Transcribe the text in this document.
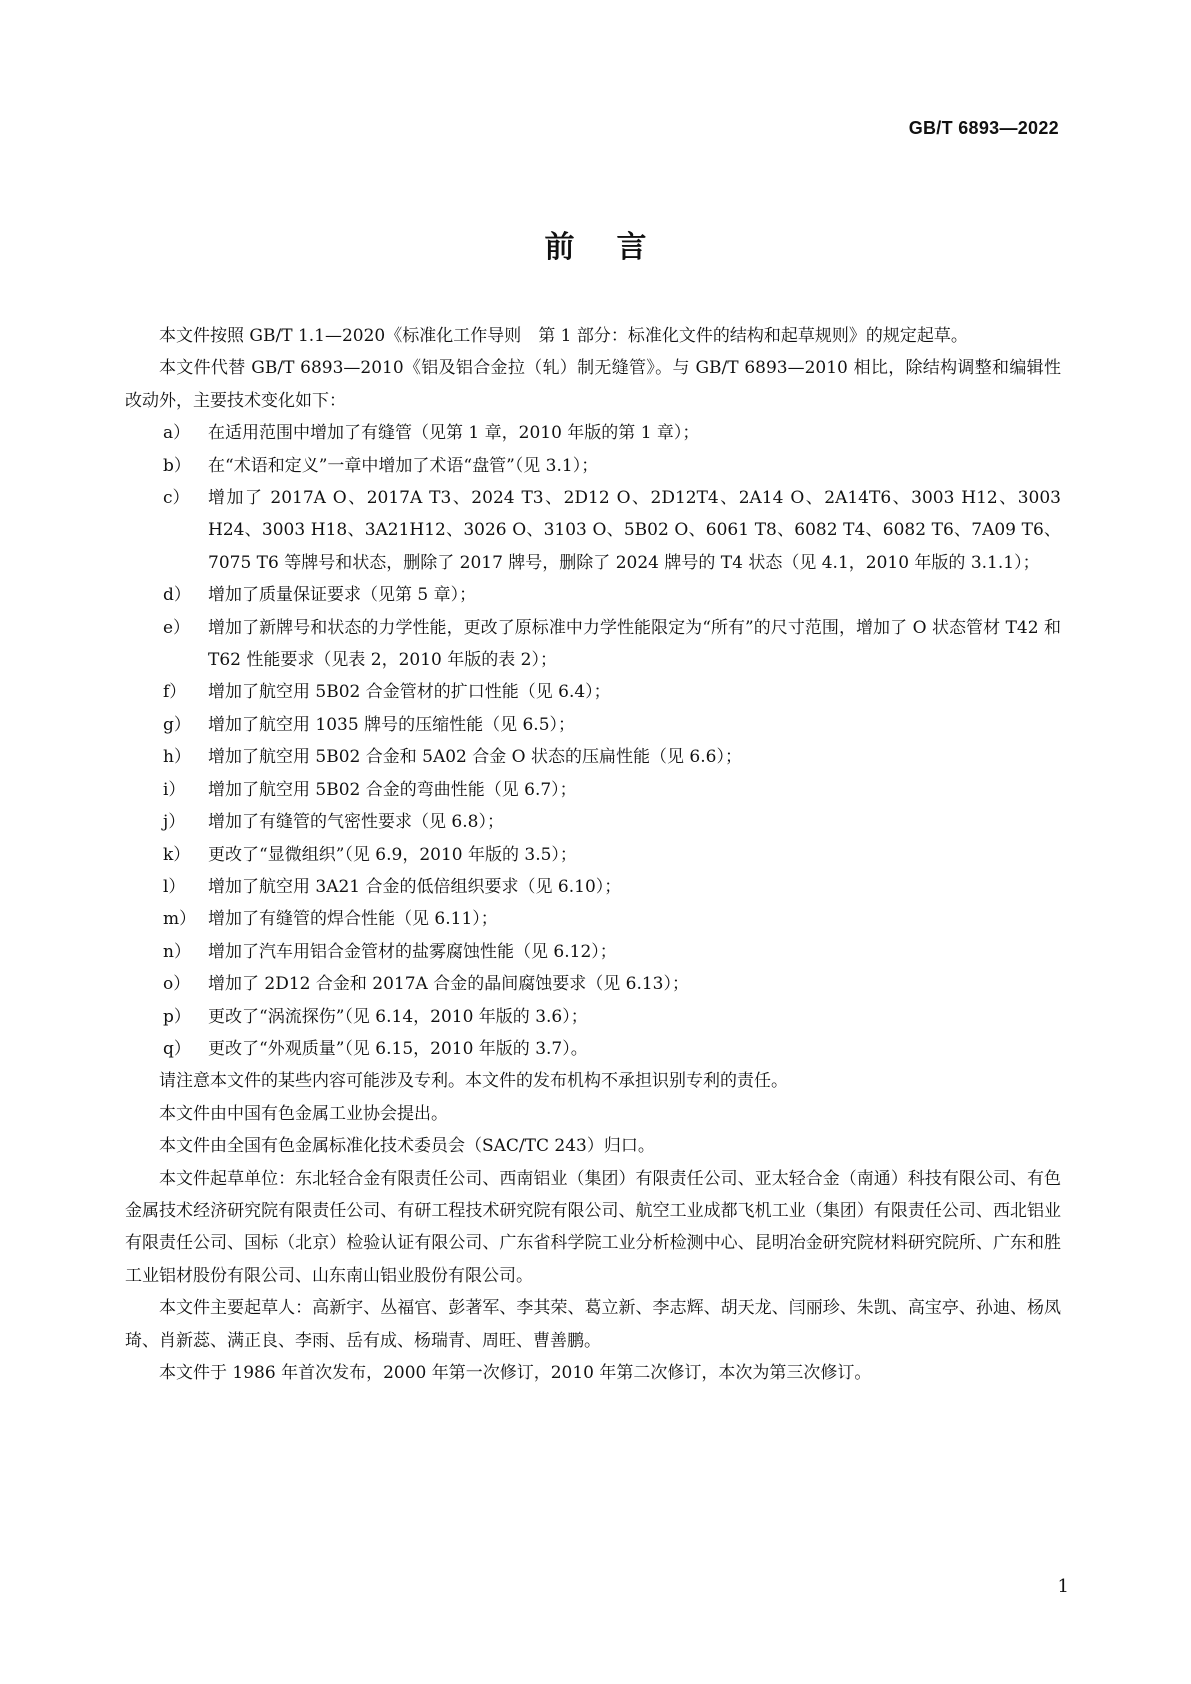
GB/T 6893—2022
前言

本文件按照 GB/T 1.1—2020《标准化工作导则　第 1 部分：标准化文件的结构和起草规则》的规定起草。

本文件代替 GB/T 6893—2010《铝及铝合金拉（轧）制无缝管》。与 GB/T 6893—2010 相比，除结构调整和编辑性改动外，主要技术变化如下：

a）	在适用范围中增加了有缝管（见第 1 章，2010 年版的第 1 章）；
b）	在“术语和定义”一章中增加了术语“盘管”（见 3.1）；
c）	增加了 2017A O、2017A T3、2024 T3、2D12 O、2D12T4、2A14 O、2A14T6、3003 H12、3003 H24、3003 H18、3A21H12、3026 O、3103 O、5B02 O、6061 T8、6082 T4、6082 T6、7A09 T6、7075 T6 等牌号和状态，删除了 2017 牌号，删除了 2024 牌号的 T4 状态（见 4.1，2010 年版的 3.1.1）；
d）	增加了质量保证要求（见第 5 章）；
e）	增加了新牌号和状态的力学性能，更改了原标准中力学性能限定为“所有”的尺寸范围，增加了 O 状态管材 T42 和 T62 性能要求（见表 2，2010 年版的表 2）；
f）	增加了航空用 5B02 合金管材的扩口性能（见 6.4）；
g）	增加了航空用 1035 牌号的压缩性能（见 6.5）；
h）	增加了航空用 5B02 合金和 5A02 合金 O 状态的压扁性能（见 6.6）；
i）	增加了航空用 5B02 合金的弯曲性能（见 6.7）；
j）	增加了有缝管的气密性要求（见 6.8）；
k）	更改了“显微组织”（见 6.9，2010 年版的 3.5）；
l）	增加了航空用 3A21 合金的低倍组织要求（见 6.10）；
m） 增加了有缝管的焊合性能（见 6.11）；
n）	增加了汽车用铝合金管材的盐雾腐蚀性能（见 6.12）；
o）	增加了 2D12 合金和 2017A 合金的晶间腐蚀要求（见 6.13）；
p）	更改了“涡流探伤”（见 6.14，2010 年版的 3.6）；
q）	更改了“外观质量”（见 6.15，2010 年版的 3.7）。

请注意本文件的某些内容可能涉及专利。本文件的发布机构不承担识别专利的责任。

本文件由中国有色金属工业协会提出。

本文件由全国有色金属标准化技术委员会（SAC/TC 243）归口。

本文件起草单位：东北轻合金有限责任公司、西南铝业（集团）有限责任公司、亚太轻合金（南通）科技有限公司、有色金属技术经济研究院有限责任公司、有研工程技术研究院有限公司、航空工业成都飞机工业（集团）有限责任公司、西北铝业有限责任公司、国标（北京）检验认证有限公司、广东省科学院工业分析检测中心、昆明冶金研究院材料研究院所、广东和胜工业铝材股份有限公司、山东南山铝业股份有限公司。

本文件主要起草人：高新宇、丛福官、彭著军、李其荣、葛立新、李志辉、胡天龙、闫丽珍、朱凯、高宝亭、孙迪、杨凤琦、肖新蕊、满正良、李雨、岳有成、杨瑞青、周旺、曹善鹏。

本文件于 1986 年首次发布，2000 年第一次修订，2010 年第二次修订，本次为第三次修订。

1
